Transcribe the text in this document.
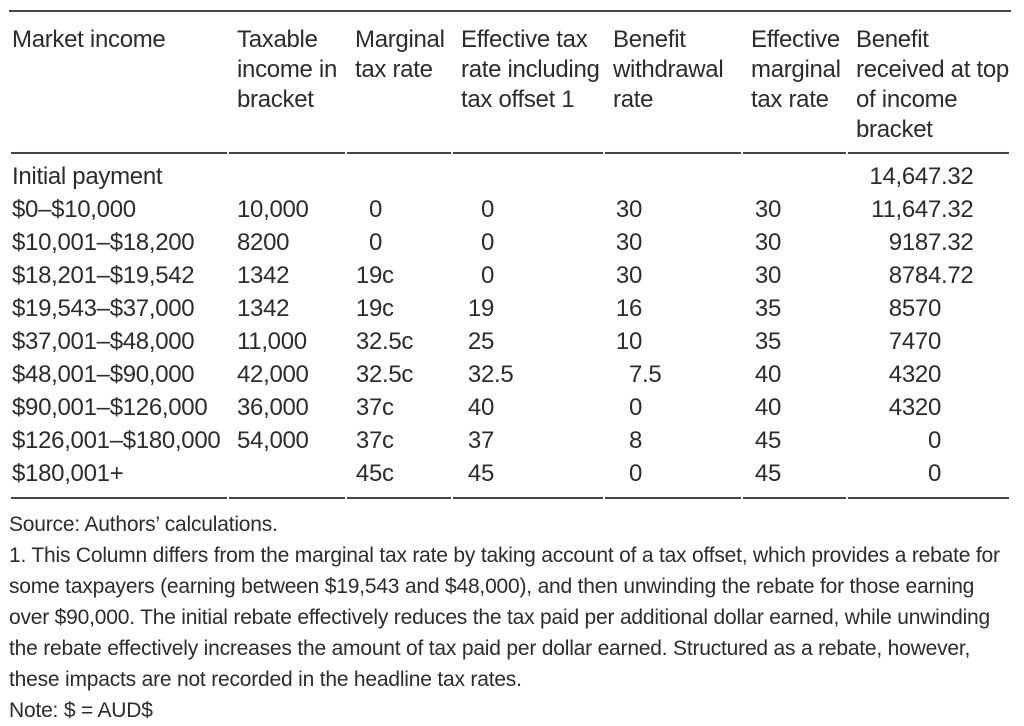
Market income	Taxable income in bracket	Marginal tax rate	Effective tax rate including tax offset 1	Benefit withdrawal rate	Effective marginal tax rate	Benefit received at top of income bracket
Initial payment						14,647.32
$0–$10,000	10,000	0	0	30	30	11,647.32
$10,001–$18,200	8200	0	0	30	30	9187.32
$18,201–$19,542	1342	19c	0	30	30	8784.72
$19,543–$37,000	1342	19c	19	16	35	8570
$37,001–$48,000	11,000	32.5c	25	10	35	7470
$48,001–$90,000	42,000	32.5c	32.5	7.5	40	4320
$90,001–$126,000	36,000	37c	40	0	40	4320
$126,001–$180,000	54,000	37c	37	8	45	0
$180,001+		45c	45	0	45	0

Source: Authors’ calculations.

1. This Column differs from the marginal tax rate by taking account of a tax offset, which provides a rebate for some taxpayers (earning between $19,543 and $48,000), and then unwinding the rebate for those earning over $90,000. The initial rebate effectively reduces the tax paid per additional dollar earned, while unwinding the rebate effectively increases the amount of tax paid per dollar earned. Structured as a rebate, however, these impacts are not recorded in the headline tax rates.

Note: $ = AUD$
